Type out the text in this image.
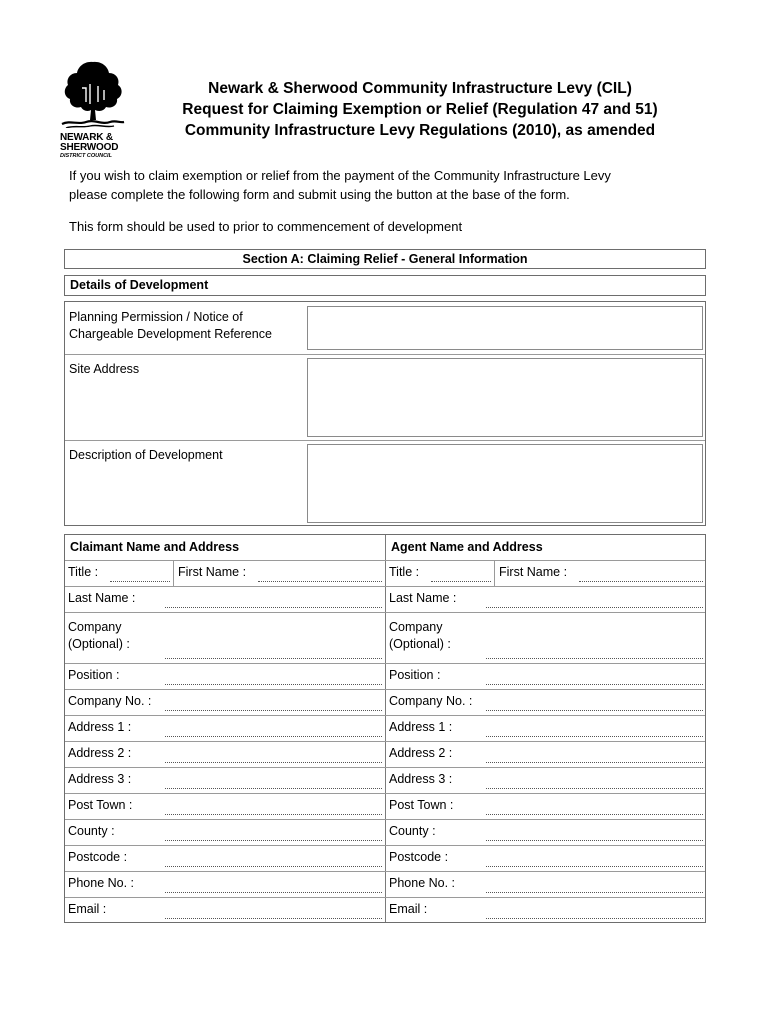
NEWARK &
SHERWOOD
DISTRICT COUNCIL
Newark & Sherwood Community Infrastructure Levy (CIL)
Request for Claiming Exemption or Relief (Regulation 47 and 51)
Community Infrastructure Levy Regulations (2010), as amended
If you wish to claim exemption or relief from the payment of the Community Infrastructure Levy
please complete the following form and submit using the button at the base of the form.
This form should be used to prior to commencement of development
Section A: Claiming Relief - General Information
Details of Development
Planning Permission / Notice of
Chargeable Development Reference
Site Address
Description of Development
Claimant Name and Address
Title :	First Name :
Last Name :
Company
(Optional) :
Position :
Company No. :
Address 1 :
Address 2 :
Address 3 :
Post Town :
County :
Postcode :
Phone No. :
Email :
Agent Name and Address
Title :	First Name :
Last Name :
Company
(Optional) :
Position :
Company No. :
Address 1 :
Address 2 :
Address 3 :
Post Town :
County :
Postcode :
Phone No. :
Email :
